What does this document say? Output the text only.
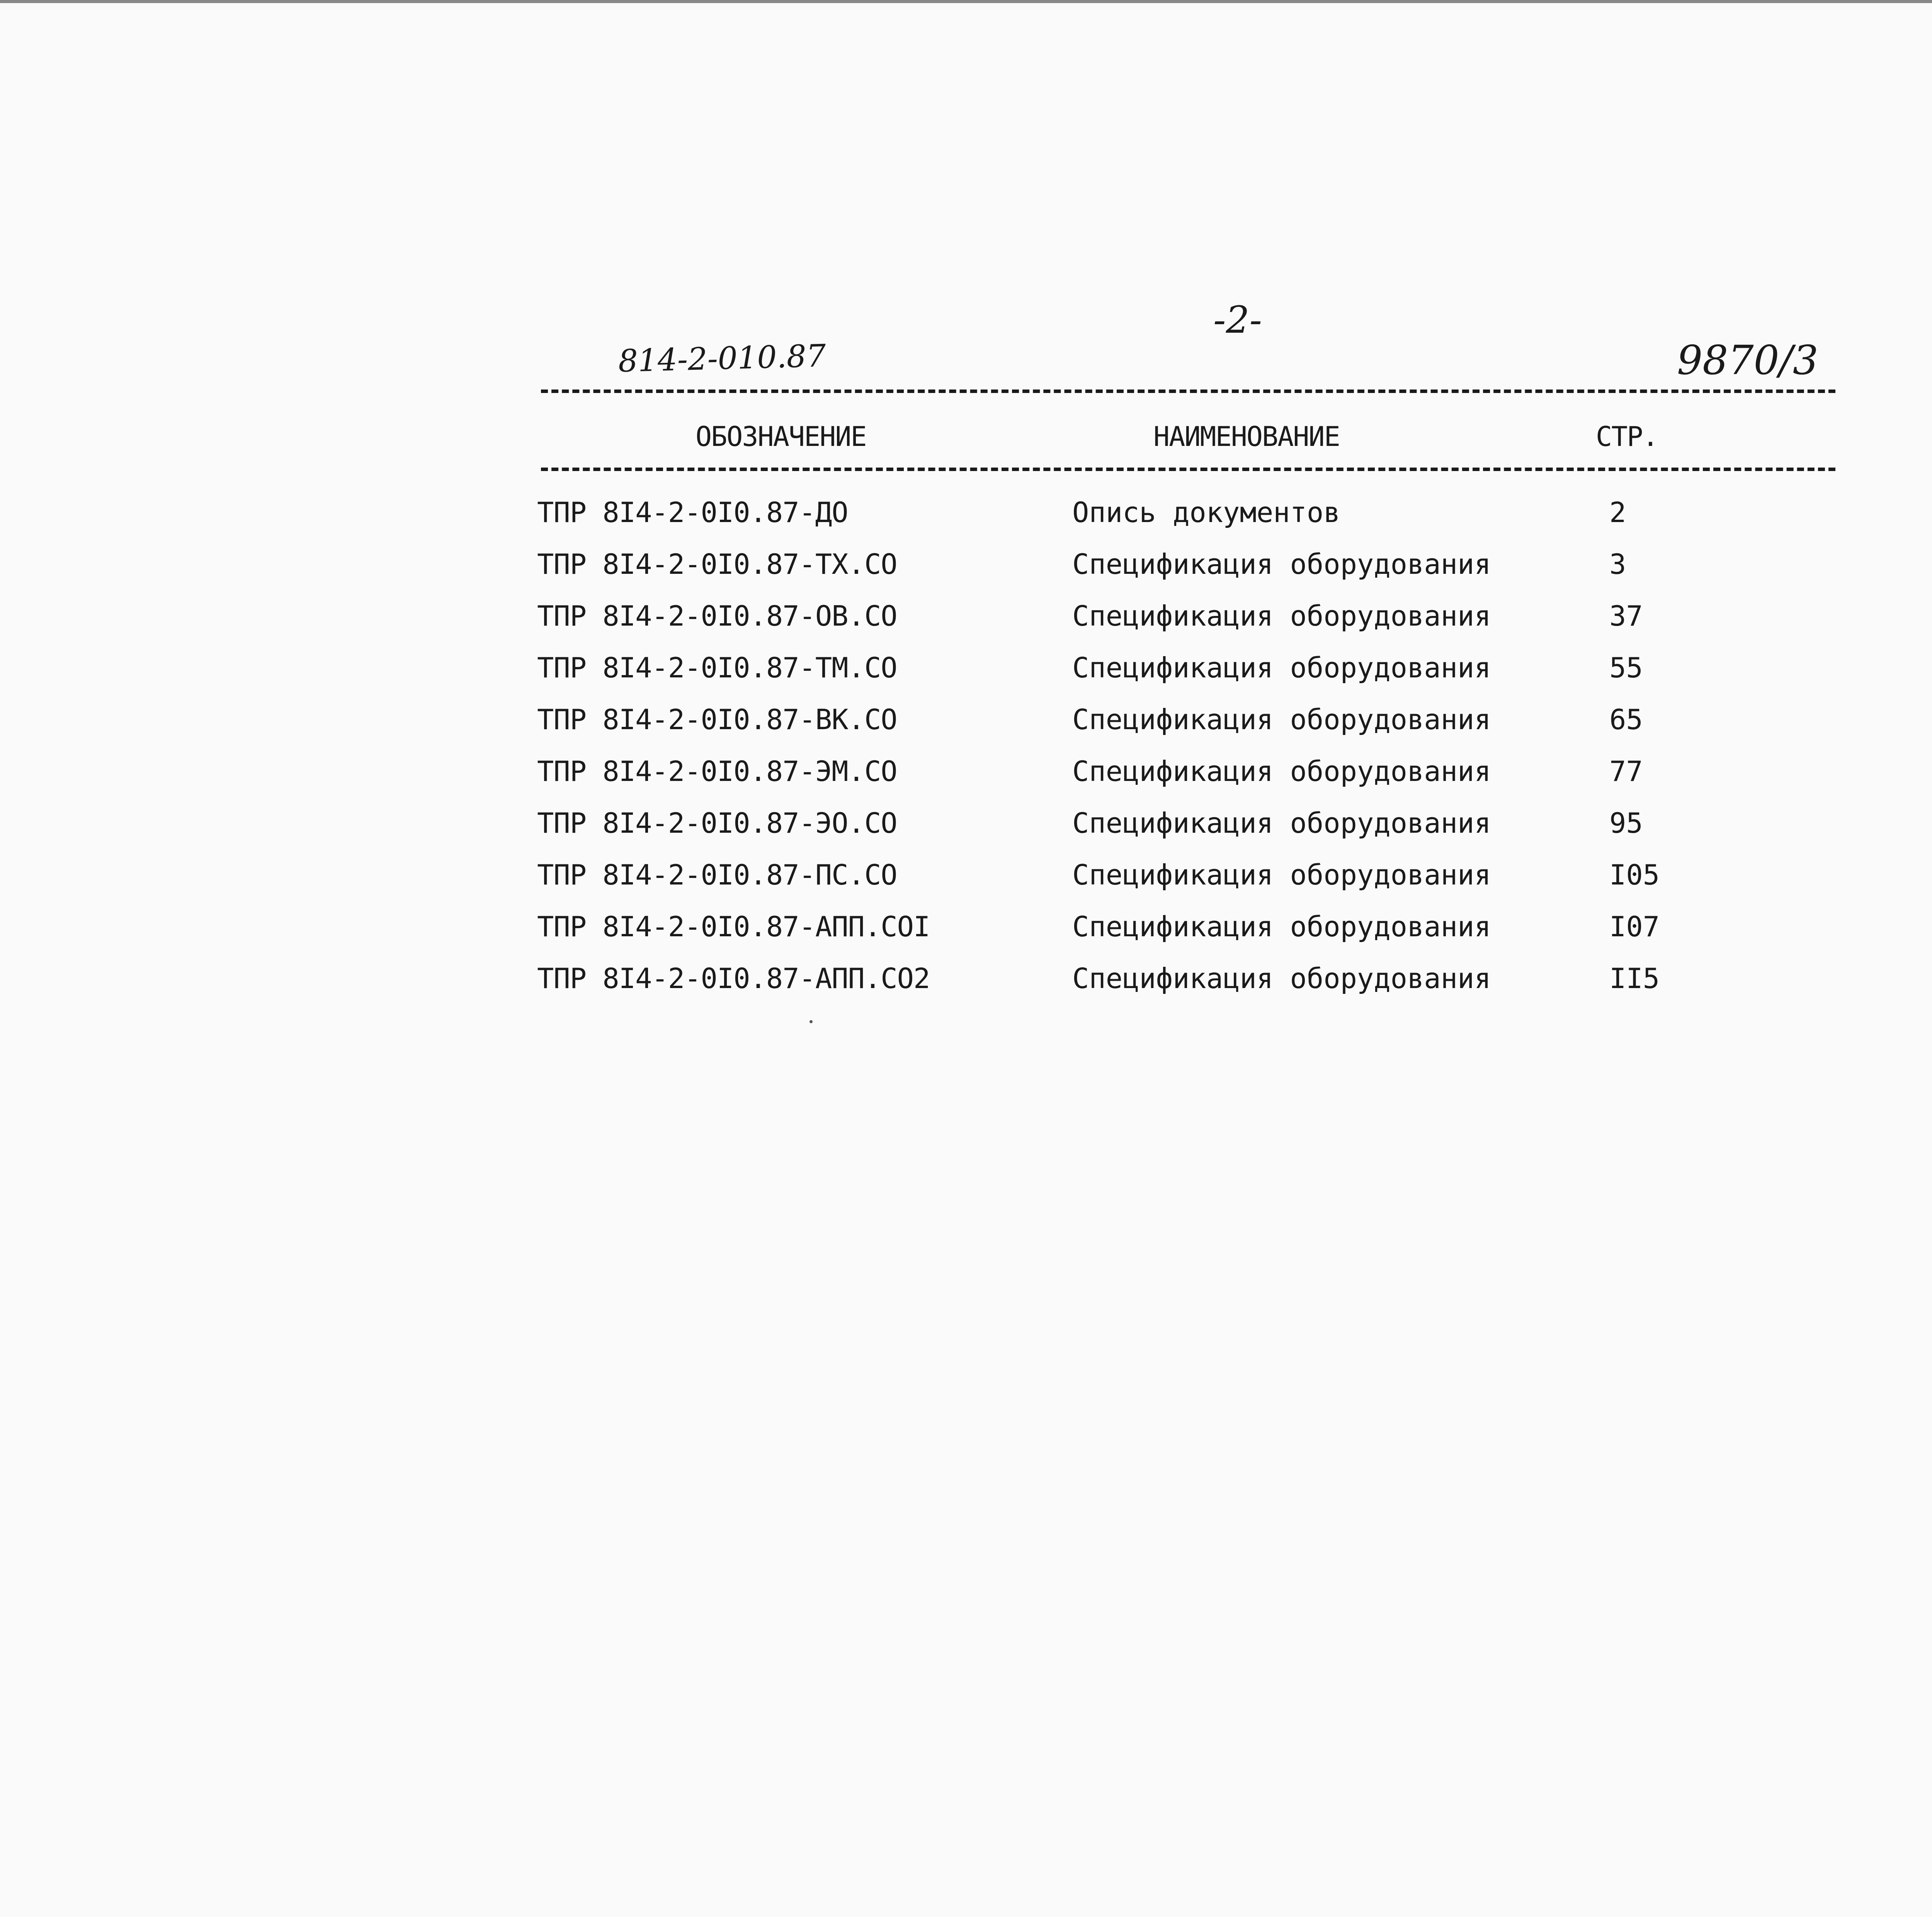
-2-
814-2-010.87	9870/3
ОБОЗНАЧЕНИЕ	НАИМЕНОВАНИЕ	СТР.
ТПР 8I4-2-0I0.87-ДО	Опись документов	2
ТПР 8I4-2-0I0.87-ТХ.СО	Спецификация оборудования	3
ТПР 8I4-2-0I0.87-ОВ.СО	Спецификация оборудования	37
ТПР 8I4-2-0I0.87-ТМ.СО	Спецификация оборудования	55
ТПР 8I4-2-0I0.87-ВК.СО	Спецификация оборудования	65
ТПР 8I4-2-0I0.87-ЭМ.СО	Спецификация оборудования	77
ТПР 8I4-2-0I0.87-ЭО.СО	Спецификация оборудования	95
ТПР 8I4-2-0I0.87-ПС.СО	Спецификация оборудования	I05
ТПР 8I4-2-0I0.87-АПП.СОI	Спецификация оборудования	I07
ТПР 8I4-2-0I0.87-АПП.СО2	Спецификация оборудования	II5
